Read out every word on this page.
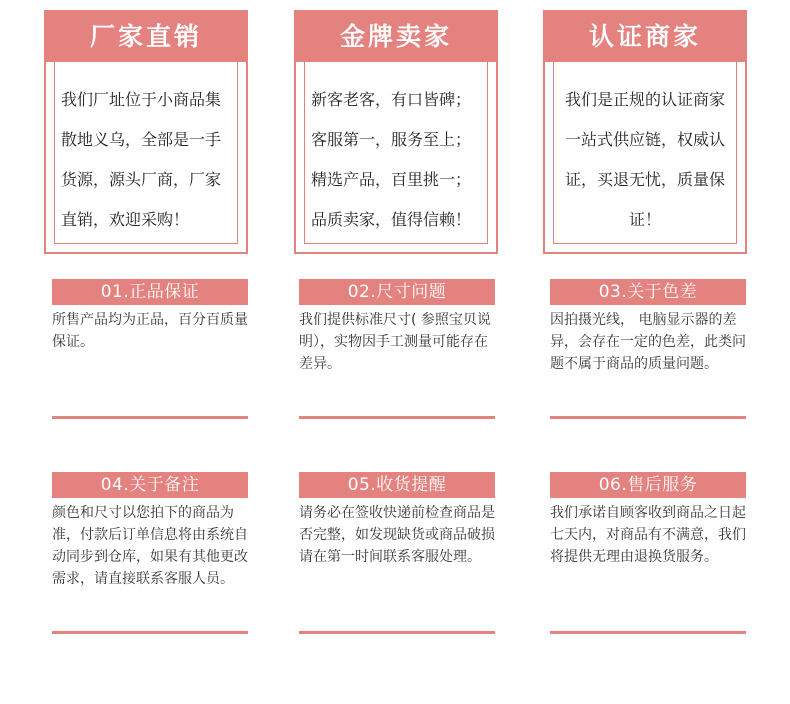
厂家直销
我们厂址位于小商品集
散地义乌，全部是一手
货源，源头厂商，厂家
直销，欢迎采购！
金牌卖家
新客老客，有口皆碑；
客服第一，服务至上；
精选产品，百里挑一；
品质卖家，值得信赖！
认证商家
我们是正规的认证商家
一站式供应链，权威认
证，买退无忧，质量保
证！
01.正品保证

所售产品均为正品，百分百质量保证。

02.尺寸问题

我们提供标准尺寸( 参照宝贝说明），实物因手工测量可能存在差异。

03.关于色差

因拍摄光线， 电脑显示器的差异，会存在一定的色差，此类问题不属于商品的质量问题。

04.关于备注

颜色和尺寸以您拍下的商品为准，付款后订单信息将由系统自动同步到仓库，如果有其他更改需求，请直接联系客服人员。

05.收货提醒

请务必在签收快递前检查商品是否完整，如发现缺货或商品破损请在第一时间联系客服处理。

06.售后服务

我们承诺自顾客收到商品之日起七天内，对商品有不满意，我们将提供无理由退换货服务。
